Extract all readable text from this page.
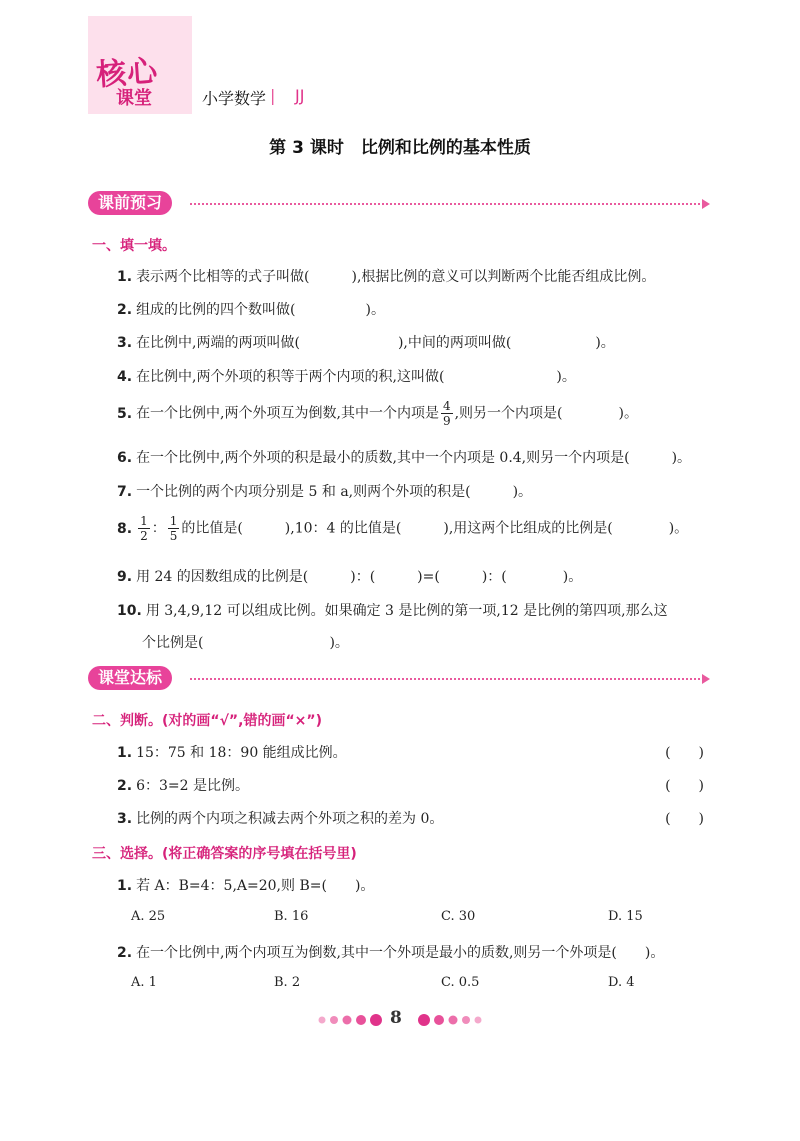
核心
课堂	小学数学 | JJ
第 3 课时　比例和比例的基本性质
课前预习
一、填一填。
1. 表示两个比相等的式子叫做(　　　),根据比例的意义可以判断两个比能否组成比例。
2. 组成的比例的四个数叫做(　　　　　)。
3. 在比例中,两端的两项叫做(　　　　　　　),中间的两项叫做(　　　　　　)。
4. 在比例中,两个外项的积等于两个内项的积,这叫做(　　　　　　　　)。
5. 在一个比例中,两个外项互为倒数,其中一个内项是 $\frac{4}{9}$ ,则另一个内项是(　　　　)。
6. 在一个比例中,两个外项的积是最小的质数,其中一个内项是 0.4,则另一个内项是(　　　)。
7. 一个比例的两个内项分别是 5 和 a,则两个外项的积是(　　　)。
8. $\frac{1}{2}$ ： $\frac{1}{5}$ 的比值是(　　　),10：4 的比值是(　　　),用这两个比组成的比例是(　　　　)。
9. 用 24 的因数组成的比例是(　　　)：(　　　)=(　　　)：(　　　　)。
10. 用 3,4,9,12 可以组成比例。如果确定 3 是比例的第一项,12 是比例的第四项,那么这
个比例是(　　　　　　　　　)。
课堂达标
二、判断。(对的画“√”,错的画“×”)
1. 15：75 和 18：90 能组成比例。	(　　)
2. 6：3=2 是比例。	(　　)
3. 比例的两个内项之积减去两个外项之积的差为 0。	(　　)
三、选择。(将正确答案的序号填在括号里)
1. 若 A：B=4：5,A=20,则 B=(　　)。
A. 25	B. 16	C. 30	D. 15
2. 在一个比例中,两个内项互为倒数,其中一个外项是最小的质数,则另一个外项是(　　)。
A. 1	B. 2	C. 0.5	D. 4
8
